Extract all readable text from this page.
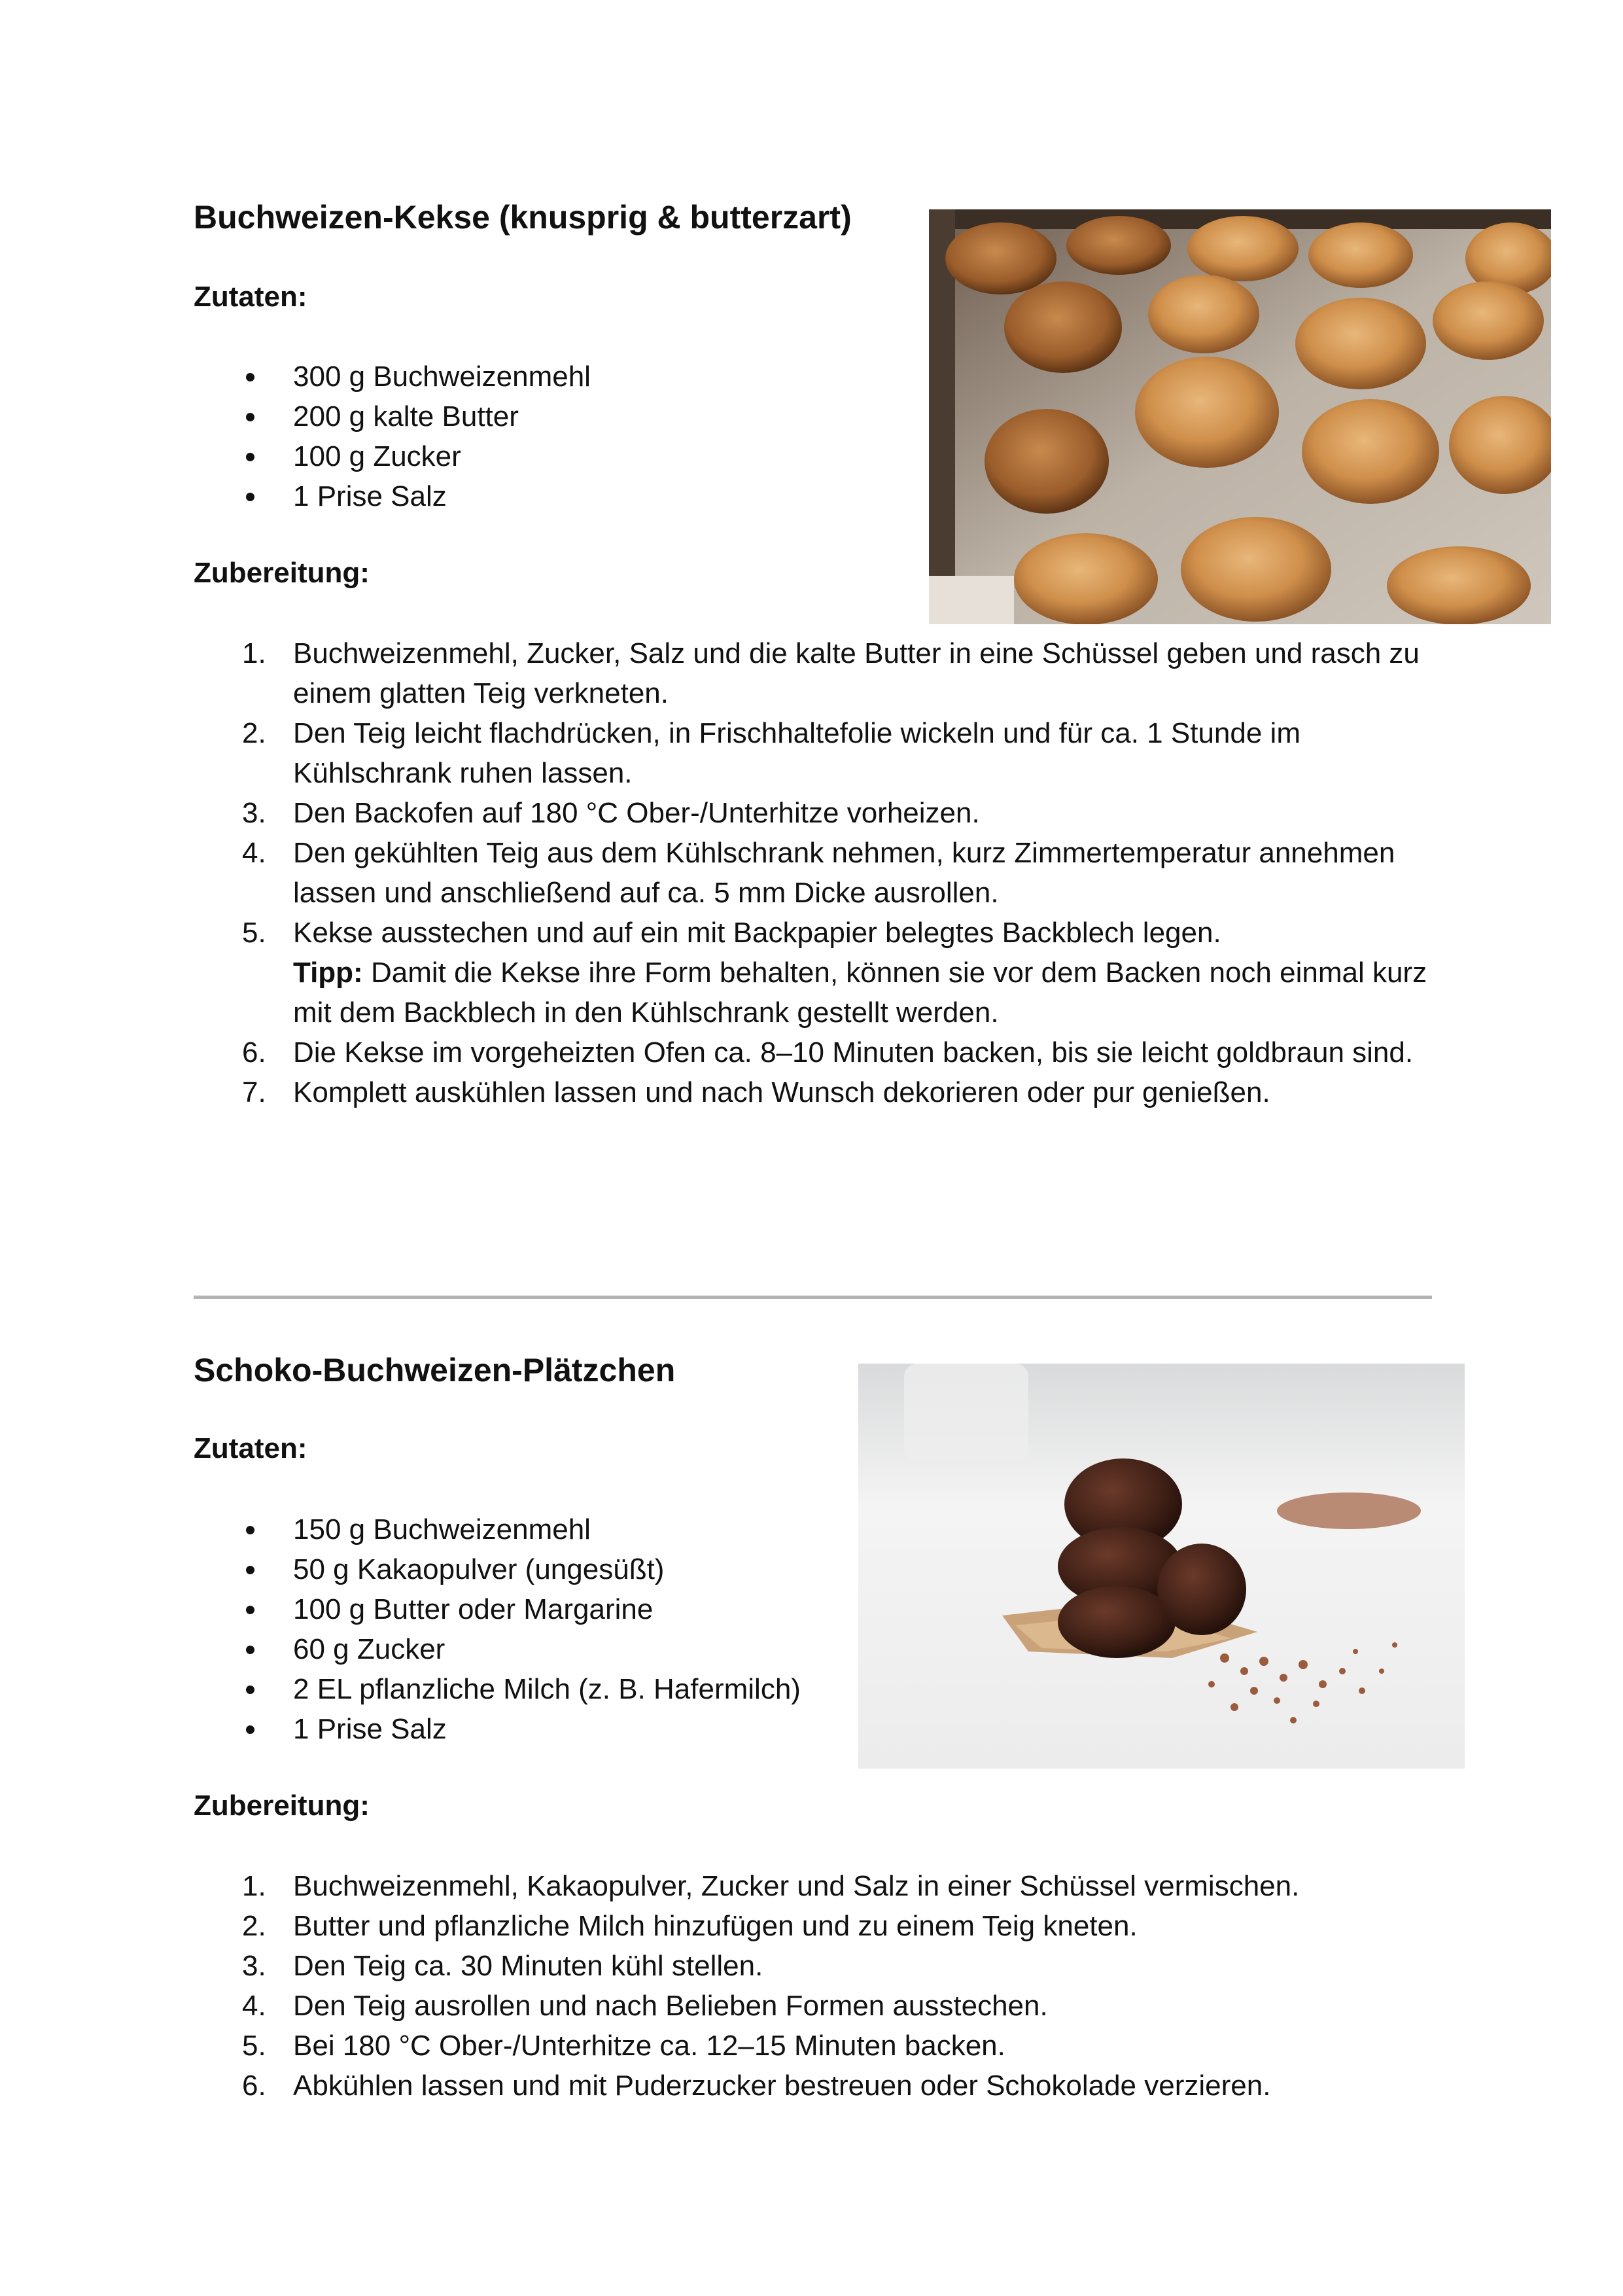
Buchweizen-Kekse (knusprig & butterzart)
Zutaten:
300 g Buchweizenmehl
200 g kalte Butter
100 g Zucker
1 Prise Salz
Zubereitung:
1. Buchweizenmehl, Zucker, Salz und die kalte Butter in eine Schüssel geben und rasch zu einem glatten Teig verkneten.
2. Den Teig leicht flachdrücken, in Frischhaltefolie wickeln und für ca. 1 Stunde im Kühlschrank ruhen lassen.
3. Den Backofen auf 180 °C Ober-/Unterhitze vorheizen.
4. Den gekühlten Teig aus dem Kühlschrank nehmen, kurz Zimmertemperatur annehmen lassen und anschließend auf ca. 5 mm Dicke ausrollen.
5. Kekse ausstechen und auf ein mit Backpapier belegtes Backblech legen.
Tipp: Damit die Kekse ihre Form behalten, können sie vor dem Backen noch einmal kurz mit dem Backblech in den Kühlschrank gestellt werden.
6. Die Kekse im vorgeheizten Ofen ca. 8–10 Minuten backen, bis sie leicht goldbraun sind.
7. Komplett auskühlen lassen und nach Wunsch dekorieren oder pur genießen.
Schoko-Buchweizen-Plätzchen
Zutaten:
150 g Buchweizenmehl
50 g Kakaopulver (ungesüßt)
100 g Butter oder Margarine
60 g Zucker
2 EL pflanzliche Milch (z. B. Hafermilch)
1 Prise Salz
Zubereitung:
1. Buchweizenmehl, Kakaopulver, Zucker und Salz in einer Schüssel vermischen.
2. Butter und pflanzliche Milch hinzufügen und zu einem Teig kneten.
3. Den Teig ca. 30 Minuten kühl stellen.
4. Den Teig ausrollen und nach Belieben Formen ausstechen.
5. Bei 180 °C Ober-/Unterhitze ca. 12–15 Minuten backen.
6. Abkühlen lassen und mit Puderzucker bestreuen oder Schokolade verzieren.
